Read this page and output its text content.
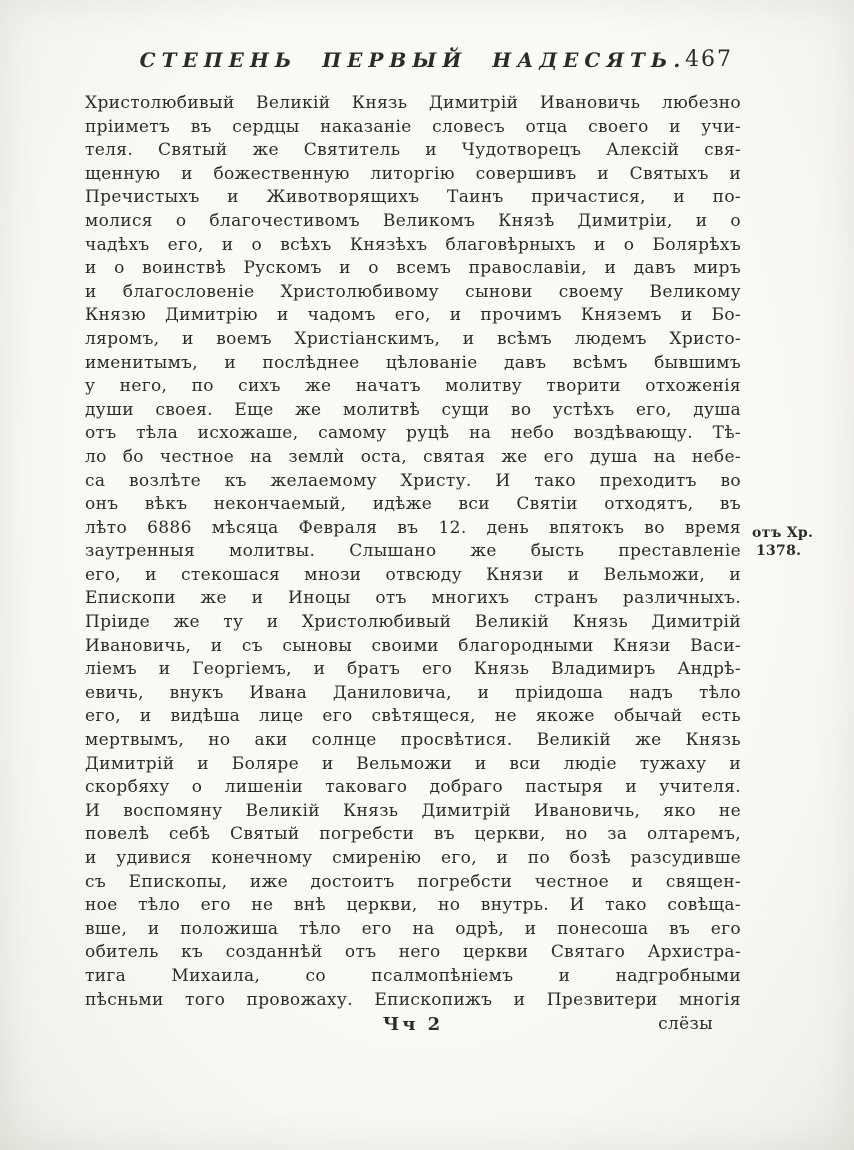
СТЕПЕНЬ ПЕРВЫЙ НАДЕСЯТЬ.
467
Христолюбивый Великій Князь Димитрій Ивановичь любезно
пріиметъ въ сердцы наказаніе словесъ отца своего и учи-
теля. Святый же Святитель и Чудотворецъ Алексій свя-
щенную и божественную литоргію совершивъ и Святыхъ и
Пречистыхъ и Животворящихъ Таинъ причастися, и по-
молися о благочестивомъ Великомъ Князѣ Димитріи, и о
чадѣхъ его, и о всѣхъ Князѣхъ благовѣрныхъ и о Болярѣхъ
и о воинствѣ Рускомъ и о всемъ православіи, и давъ миръ
и благословеніе Христолюбивому сынови своему Великому
Князю Димитрію и чадомъ его, и прочимъ Княземъ и Бо-
ляромъ, и воемъ Христіанскимъ, и всѣмъ людемъ Христо-
именитымъ, и послѣднее цѣлованіе давъ всѣмъ бывшимъ
у него, по сихъ же начатъ молитву творити отхоженія
души своея. Еще же молитвѣ сущи во устѣхъ его, душа
отъ тѣла исхожаше, самому руцѣ на небо воздѣвающу. Тѣ-
ло бо честное на землѝ оста, святая же его душа на небе-
са возлѣте къ желаемому Христу. И тако преходитъ во
онъ вѣкъ некончаемый, идѣже вси Святіи отходятъ, въ
лѣто 6886 мѣсяца Февраля въ 12. день впятокъ во время
заутренныя молитвы. Слышано же бысть преставленіе
его, и стекошася мнози отвсюду Князи и Вельможи, и
Епископи же и Иноцы отъ многихъ странъ различныхъ.
Пріиде же ту и Христолюбивый Великій Князь Димитрій
Ивановичь, и съ сыновы своими благородными Князи Васи-
ліемъ и Георгіемъ, и братъ его Князь Владимиръ Андрѣ-
евичь, внукъ Ивана Даниловича, и пріидоша надъ тѣло
его, и видѣша лице его свѣтящеся, не якоже обычай есть
мертвымъ, но аки солнце просвѣтися. Великій же Князь
Димитрій и Боляре и Вельможи и вси людіе тужаху и
скорбяху о лишеніи таковаго добраго пастыря и учителя.
И воспомяну Великій Князь Димитрій Ивановичь, яко не
повелѣ себѣ Святый погребсти въ церкви, но за олтаремъ,
и удивися конечному смиренію его, и по бозѣ разсудивше
съ Епископы, иже достоитъ погребсти честное и священ-
ное тѣло его не внѣ церкви, но внутрь. И тако совѣща-
вше, и положиша тѣло его на одрѣ, и понесоша въ его
обитель къ созданнѣй отъ него церкви Святаго Архистра-
тига Михаила, со псалмопѣніемъ и надгробными
пѣсньми того провожаху. Епископижъ и Презвитери многія
отъ Хр.
1378.
Чч 2	слёзы
